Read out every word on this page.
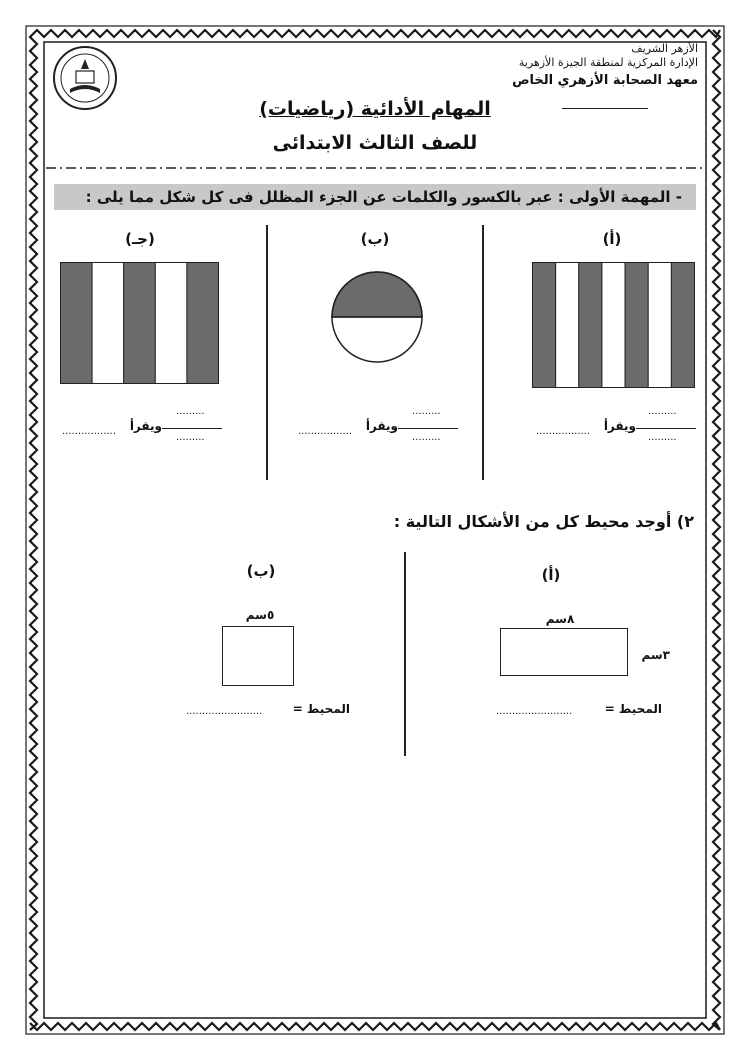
الأزهر الشريف
الإدارة المركزية لمنطقة الجيزة الأزهرية
معهد الصحابة الأزهري الخاص
المهام الأدائية (رياضيات)
للصف الثالث الابتدائى
- المهمة الأولى : عبر بالكسور والكلمات عن الجزء المظلل فى كل شكل مما يلى :
(أ)
(ب)
(جـ)
.........
.........
ويقرأ
.................
.........
.........
ويقرأ
.................
.........
.........
ويقرأ
.................
٢) أوجد محيط كل من الأشكال التالية :
(أ)
(ب)
٨سم
٣سم
٥سم
المحيط =
........................
المحيط =
........................
